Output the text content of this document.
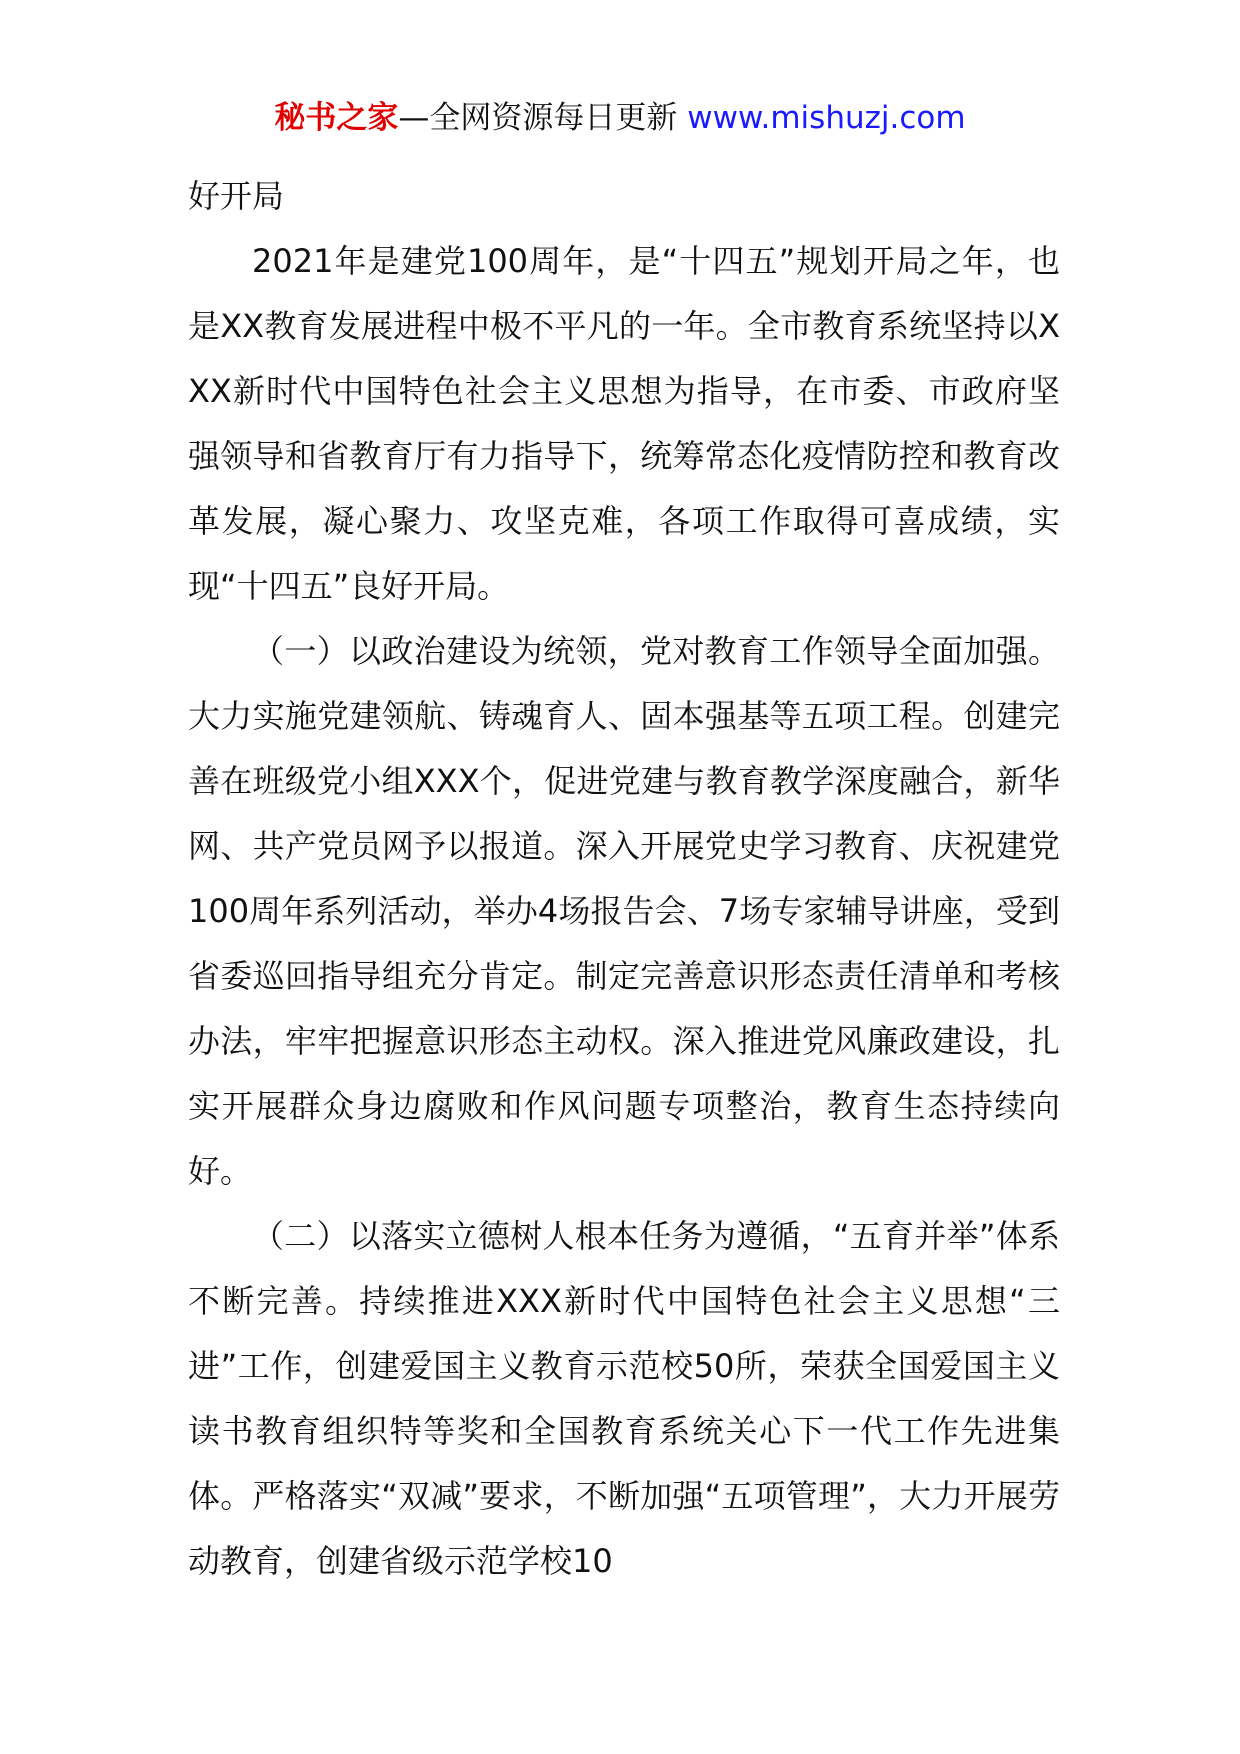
秘书之家—全网资源每日更新 www.mishuzj.com

好开局

2021年是建党100周年，是“十四五”规划开局之年，也是XX教育发展进程中极不平凡的一年。全市教育系统坚持以XXX新时代中国特色社会主义思想为指导，在市委、市政府坚强领导和省教育厅有力指导下，统筹常态化疫情防控和教育改革发展，凝心聚力、攻坚克难，各项工作取得可喜成绩，实现“十四五”良好开局。

（一）以政治建设为统领，党对教育工作领导全面加强。大力实施党建领航、铸魂育人、固本强基等五项工程。创建完善在班级党小组XXX个，促进党建与教育教学深度融合，新华网、共产党员网予以报道。深入开展党史学习教育、庆祝建党100周年系列活动，举办4场报告会、7场专家辅导讲座，受到省委巡回指导组充分肯定。制定完善意识形态责任清单和考核办法，牢牢把握意识形态主动权。深入推进党风廉政建设，扎实开展群众身边腐败和作风问题专项整治，教育生态持续向好。

（二）以落实立德树人根本任务为遵循，“五育并举”体系不断完善。持续推进XXX新时代中国特色社会主义思想“三进”工作，创建爱国主义教育示范校50所，荣获全国爱国主义读书教育组织特等奖和全国教育系统关心下一代工作先进集体。严格落实“双减”要求，不断加强“五项管理”，大力开展劳动教育，创建省级示范学校10
